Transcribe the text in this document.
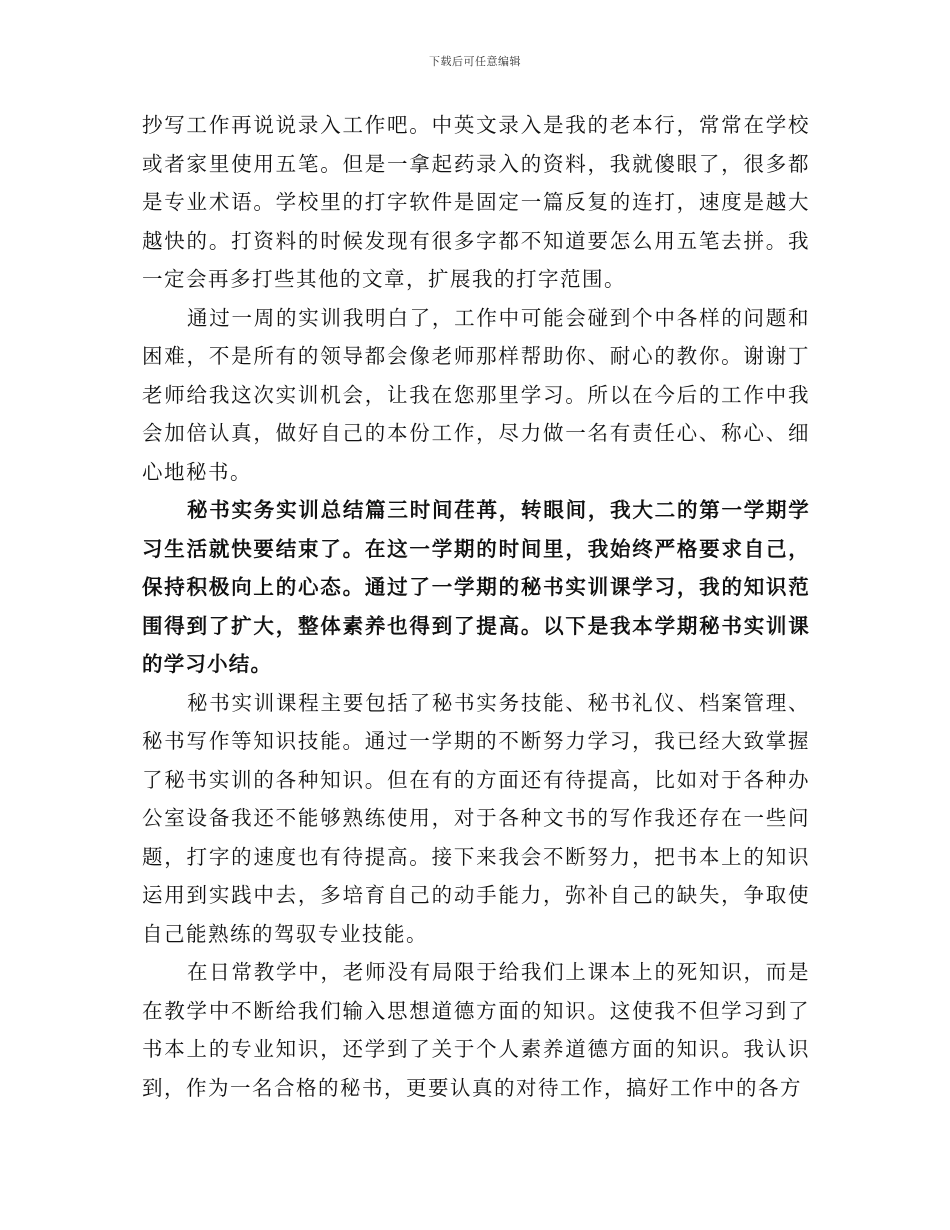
下载后可任意编辑

抄写工作再说说录入工作吧。中英文录入是我的老本行，常常在学校或者家里使用五笔。但是一拿起药录入的资料，我就傻眼了，很多都是专业术语。学校里的打字软件是固定一篇反复的连打，速度是越大越快的。打资料的时候发现有很多字都不知道要怎么用五笔去拼。我一定会再多打些其他的文章，扩展我的打字范围。

通过一周的实训我明白了，工作中可能会碰到个中各样的问题和困难，不是所有的领导都会像老师那样帮助你、耐心的教你。谢谢丁老师给我这次实训机会，让我在您那里学习。所以在今后的工作中我会加倍认真，做好自己的本份工作，尽力做一名有责任心、称心、细心地秘书。

秘书实务实训总结篇三时间荏苒，转眼间，我大二的第一学期学习生活就快要结束了。在这一学期的时间里，我始终严格要求自己，保持积极向上的心态。通过了一学期的秘书实训课学习，我的知识范围得到了扩大，整体素养也得到了提高。以下是我本学期秘书实训课的学习小结。

秘书实训课程主要包括了秘书实务技能、秘书礼仪、档案管理、秘书写作等知识技能。通过一学期的不断努力学习，我已经大致掌握了秘书实训的各种知识。但在有的方面还有待提高，比如对于各种办公室设备我还不能够熟练使用，对于各种文书的写作我还存在一些问题，打字的速度也有待提高。接下来我会不断努力，把书本上的知识运用到实践中去，多培育自己的动手能力，弥补自己的缺失，争取使自己能熟练的驾驭专业技能。

在日常教学中，老师没有局限于给我们上课本上的死知识，而是在教学中不断给我们输入思想道德方面的知识。这使我不但学习到了书本上的专业知识，还学到了关于个人素养道德方面的知识。我认识到，作为一名合格的秘书，更要认真的对待工作，搞好工作中的各方
